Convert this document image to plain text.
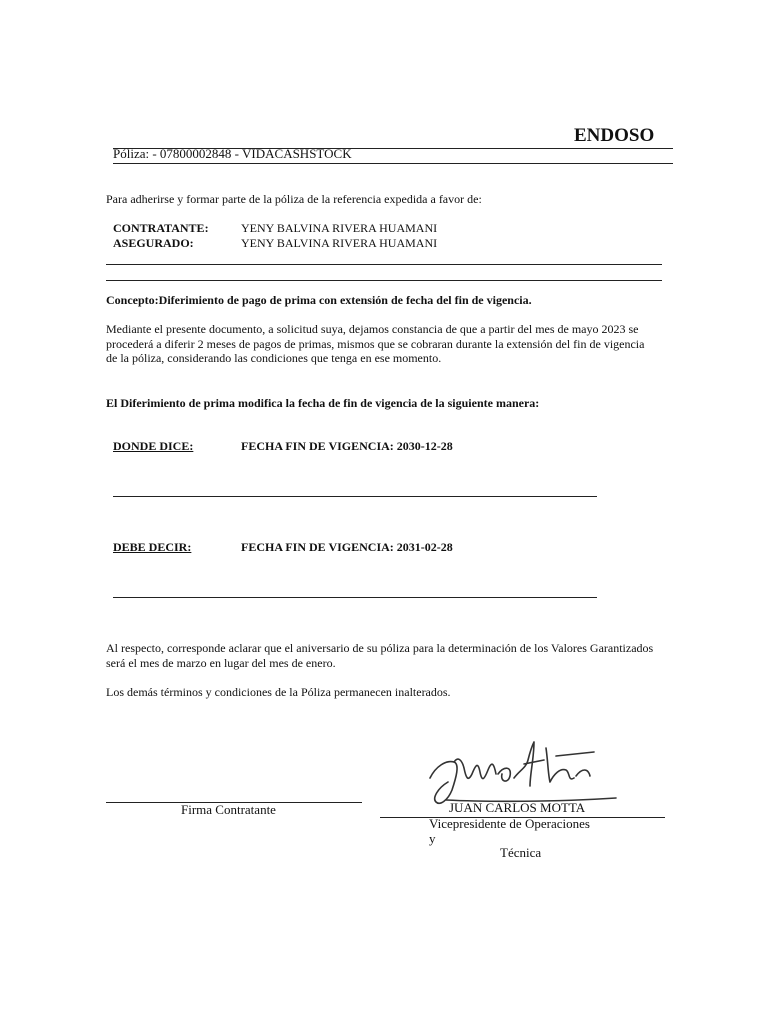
ENDOSO
Póliza: - 07800002848 - VIDACASHSTOCK
Para adherirse y formar parte de la póliza de la referencia expedida a favor de:
CONTRATANTE:	YENY BALVINA RIVERA HUAMANI
ASEGURADO:	YENY BALVINA RIVERA HUAMANI
Concepto:Diferimiento de pago de prima con extensión de fecha del fin de vigencia.
Mediante el presente documento, a solicitud suya, dejamos constancia de que a partir del mes de mayo 2023 se procederá a diferir 2 meses de pagos de primas, mismos que se cobraran durante la extensión del fin de vigencia de la póliza, considerando las condiciones que tenga en ese momento.
El Diferimiento de prima modifica la fecha de fin de vigencia de la siguiente manera:
DONDE DICE:	FECHA FIN DE VIGENCIA: 2030-12-28
DEBE DECIR:	FECHA FIN DE VIGENCIA: 2031-02-28
Al respecto, corresponde aclarar que el aniversario de su póliza para la determinación de los Valores Garantizados será el mes de marzo en lugar del mes de enero.
Los demás términos y condiciones de la Póliza permanecen inalterados.
Firma Contratante	JUAN CARLOS MOTTA
Vicepresidente de Operaciones
y
Técnica
